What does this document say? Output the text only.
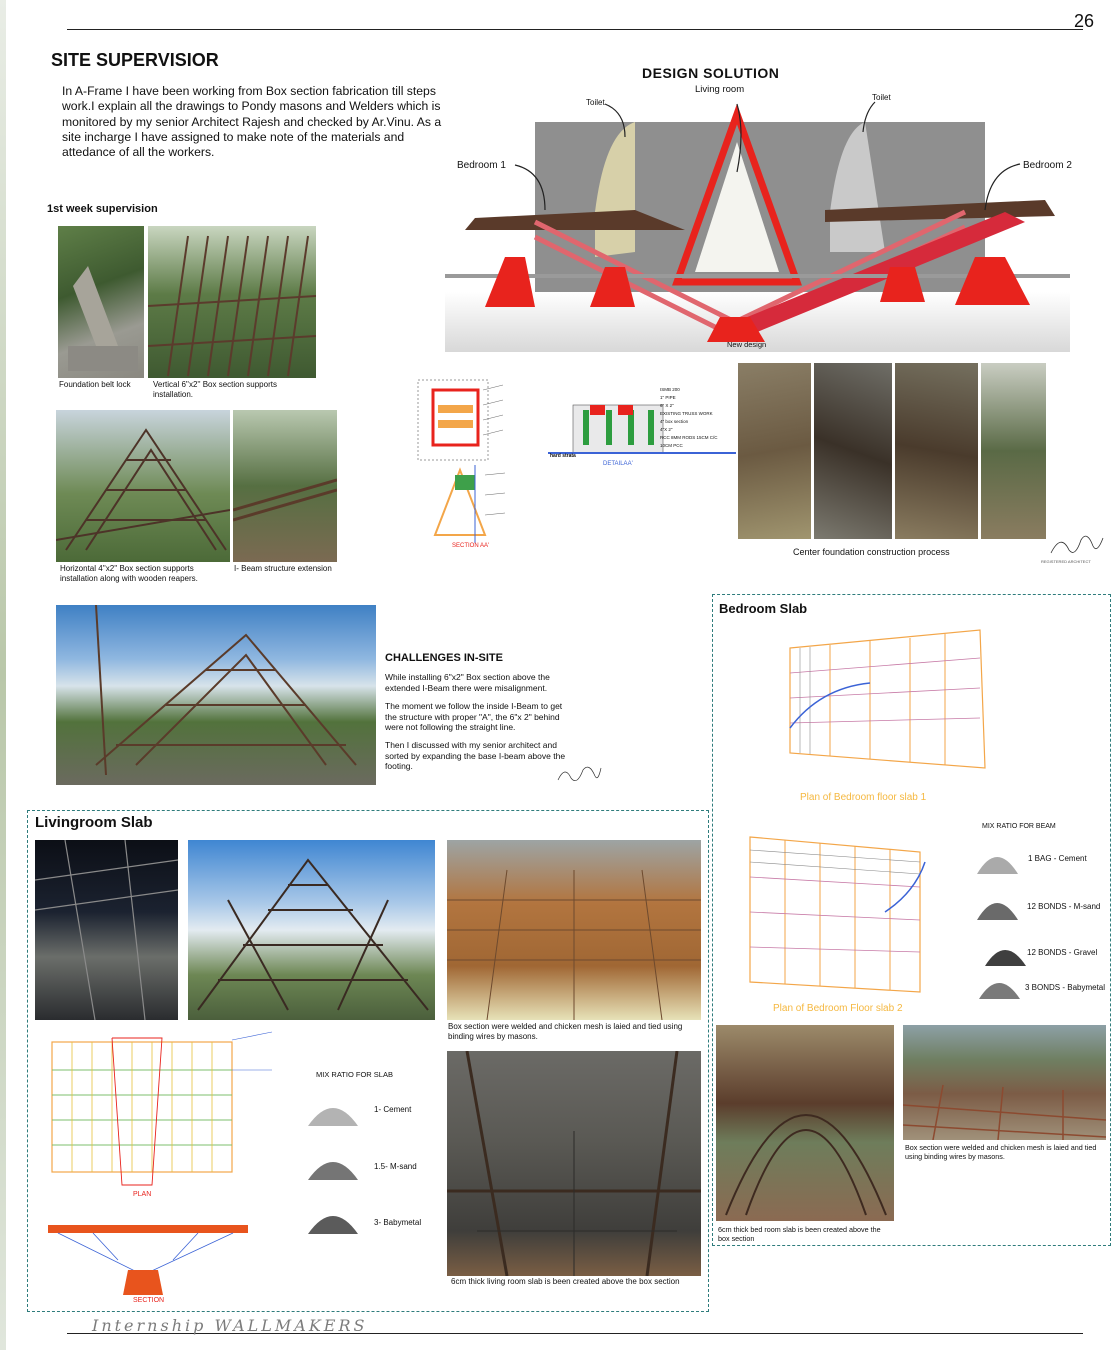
26
SITE SUPERVISIOR
In A-Frame I have been working from Box section fabrication till steps work.I explain all the drawings to Pondy masons and Welders which is monitored by my senior Architect Rajesh and checked by Ar.Vinu. As a site incharge I have assigned to make note of the materials and attedance of all the workers.
1st week supervision
Foundation belt lock	Vertical 6''x2'' Box section supports installation.
Horizontal 4''x2'' Box section supports installation along with wooden reapers.
I- Beam structure extension
DESIGN SOLUTION
Living room
Toilet
Toilet
Bedroom 1	Bedroom 2
New design
SECTION AA'
ISMB 200
1" PIPE
6" X 2"
EXISTING TRUSS WORK
4" box section
4"X 2"
RCC 8MM RODS 15CM C/C
10CM PCC
hard strata
DETAILAA'
Center foundation construction process
REGISTERED ARCHITECT
CHALLENGES IN-SITE
While installing 6"x2" Box section above the extended I-Beam there were misalignment.
The moment we follow the inside I-Beam to get the structure with proper "A", the 6"x 2" behind were not following the straight line.
Then I discussed with my senior architect and sorted by expanding the base I-beam above the footing.
Bedroom Slab
Plan of Bedroom floor slab 1
Plan of Bedroom Floor slab 2
MIX RATIO FOR BEAM
1 BAG - Cement
12 BONDS - M-sand
12 BONDS - Gravel
3 BONDS - Babymetal
6cm thick bed room slab is been created above the box section
Box section were welded and chicken mesh is laied and tied using binding wires by masons.
Livingroom Slab
Box section were welded and chicken mesh is laied and tied using binding wires by masons.
6cm thick living room slab is been created above the box section
PLAN
SECTION
MIX RATIO FOR SLAB
1- Cement
1.5- M-sand
3- Babymetal
Internship WALLMAKERS
